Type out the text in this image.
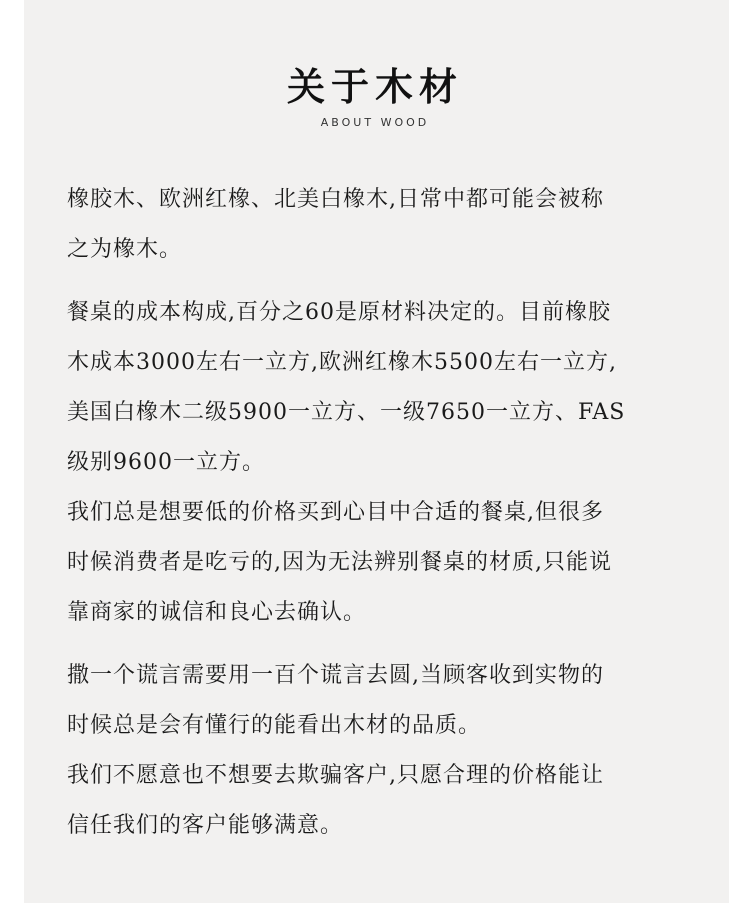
关于木材
ABOUT WOOD

橡胶木、欧洲红橡、北美白橡木,日常中都可能会被称
之为橡木。

餐桌的成本构成,百分之60是原材料决定的。目前橡胶
木成本3000左右一立方,欧洲红橡木5500左右一立方,
美国白橡木二级5900一立方、一级7650一立方、FAS
级别9600一立方。

我们总是想要低的价格买到心目中合适的餐桌,但很多
时候消费者是吃亏的,因为无法辨别餐桌的材质,只能说
靠商家的诚信和良心去确认。

撒一个谎言需要用一百个谎言去圆,当顾客收到实物的
时候总是会有懂行的能看出木材的品质。

我们不愿意也不想要去欺骗客户,只愿合理的价格能让
信任我们的客户能够满意。
